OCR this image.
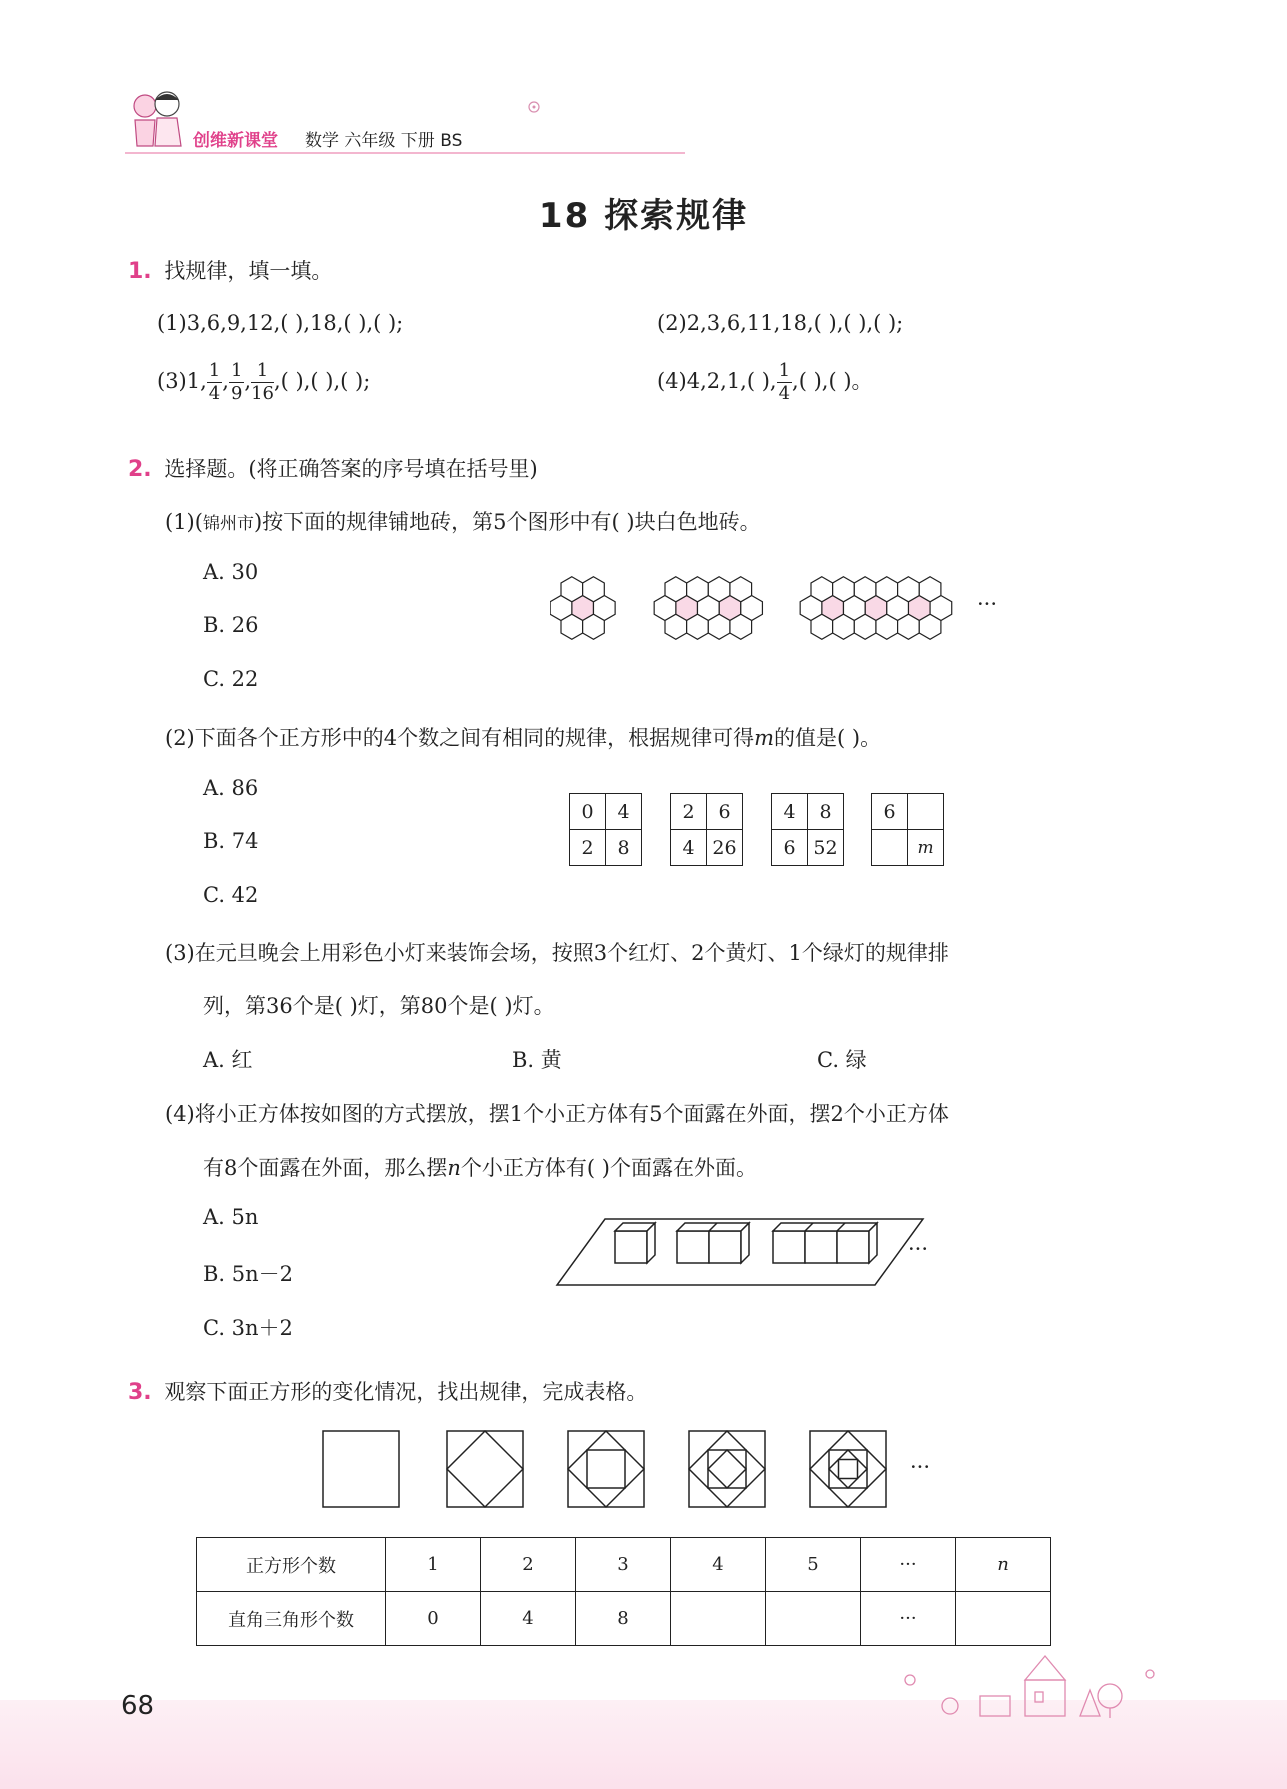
创维新课堂 数学 六年级 下册 BS
18 探索规律
1. 找规律，填一填。
(1)3,6,9,12,( ),18,( ),( );	(2)2,3,6,11,18,( ),( ),( );
(3)1, $\frac{1}{4}$ , $\frac{1}{9}$ , $\frac{1}{16}$ ,( ),( ),( );	(4)4,2,1,( ), $\frac{1}{4}$ ,( ),( )。
2. 选择题。(将正确答案的序号填在括号里)
(1)(锦州市)按下面的规律铺地砖，第5个图形中有( )块白色地砖。
A. 30
B. 26
C. 22
···
(2)下面各个正方形中的4个数之间有相同的规律，根据规律可得m的值是( )。
A. 86
B. 74
C. 42
0	4
2	8
2	6
4	26
4	8
6	52
6	
	m
(3)在元旦晚会上用彩色小灯来装饰会场，按照3个红灯、2个黄灯、1个绿灯的规律排
列，第36个是( )灯，第80个是( )灯。
A. 红	B. 黄	C. 绿
(4)将小正方体按如图的方式摆放，摆1个小正方体有5个面露在外面，摆2个小正方体
有8个面露在外面，那么摆n个小正方体有( )个面露在外面。
A. 5n
B. 5n－2
C. 3n＋2
···
3. 观察下面正方形的变化情况，找出规律，完成表格。
···
正方形个数	1	2	3	4	5	···	n
直角三角形个数	0	4	8			···	
68
